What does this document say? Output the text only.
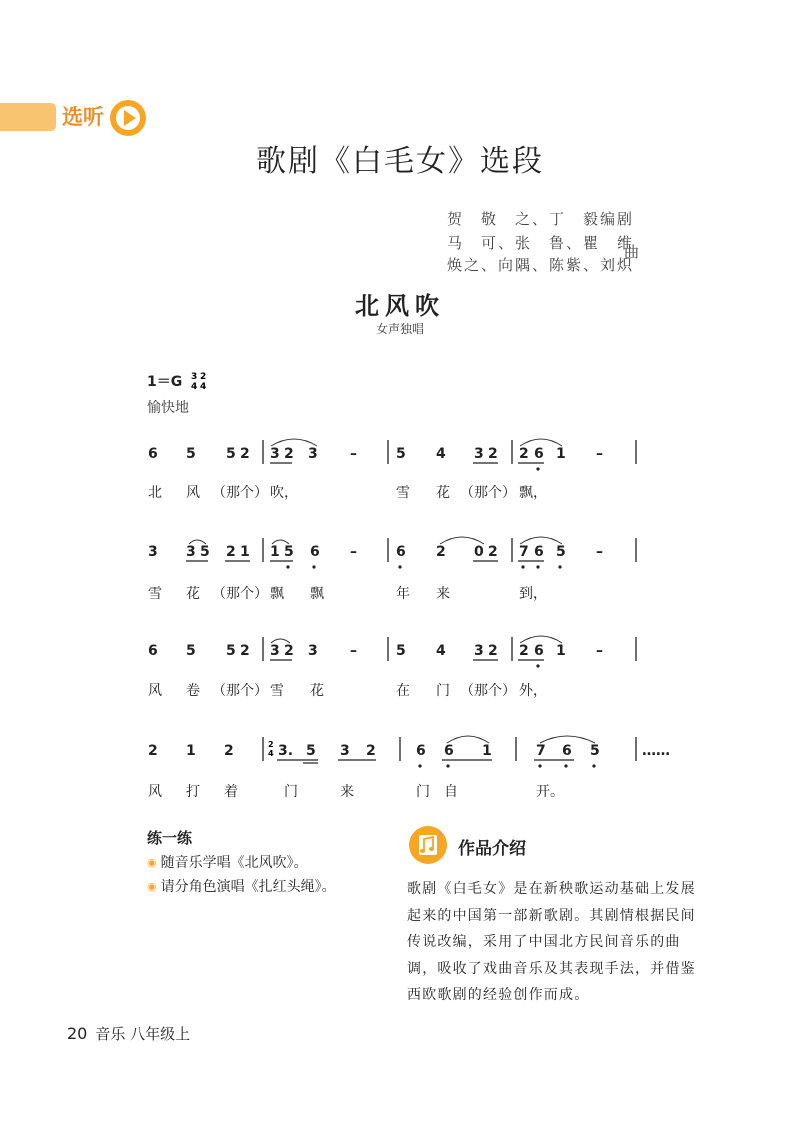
选听
歌剧《白毛女》选段
贺　敬　之、丁　毅编剧
马　可、张　鲁、瞿　维
焕之、向隅、陈紫、刘炽
曲
北风吹
女声独唱
1＝G 3
4
2
4
愉快地
6 5 5 2 3 2 3 –	5 4 3 2 2 6 1 –
北 风 （那个） 吹，	雪 花 （那个） 飘，
3 3 5 2 1 1 5 6 –	6 2 0 2 7 6 5 –
雪 花 （那个） 飘 飘	年 来	到，
6 5 5 2 3 2 3 –	5 4 3 2 2 6 1 –
风 卷 （那个） 雪 花	在 门 （那个） 外，
2 1 2	2
4 3. 5 3 2	6 6 1	7 6 5	……
风 打 着	门	来	门 自	开。
练一练
◉ 随音乐学唱《北风吹》。
◉ 请分角色演唱《扎红头绳》。
作品介绍
歌剧《白毛女》是在新秧歌运动基础上发展起来的中国第一部新歌剧。其剧情根据民间传说改编，采用了中国北方民间音乐的曲调，吸收了戏曲音乐及其表现手法，并借鉴西欧歌剧的经验创作而成。
20 音乐 八年级上
